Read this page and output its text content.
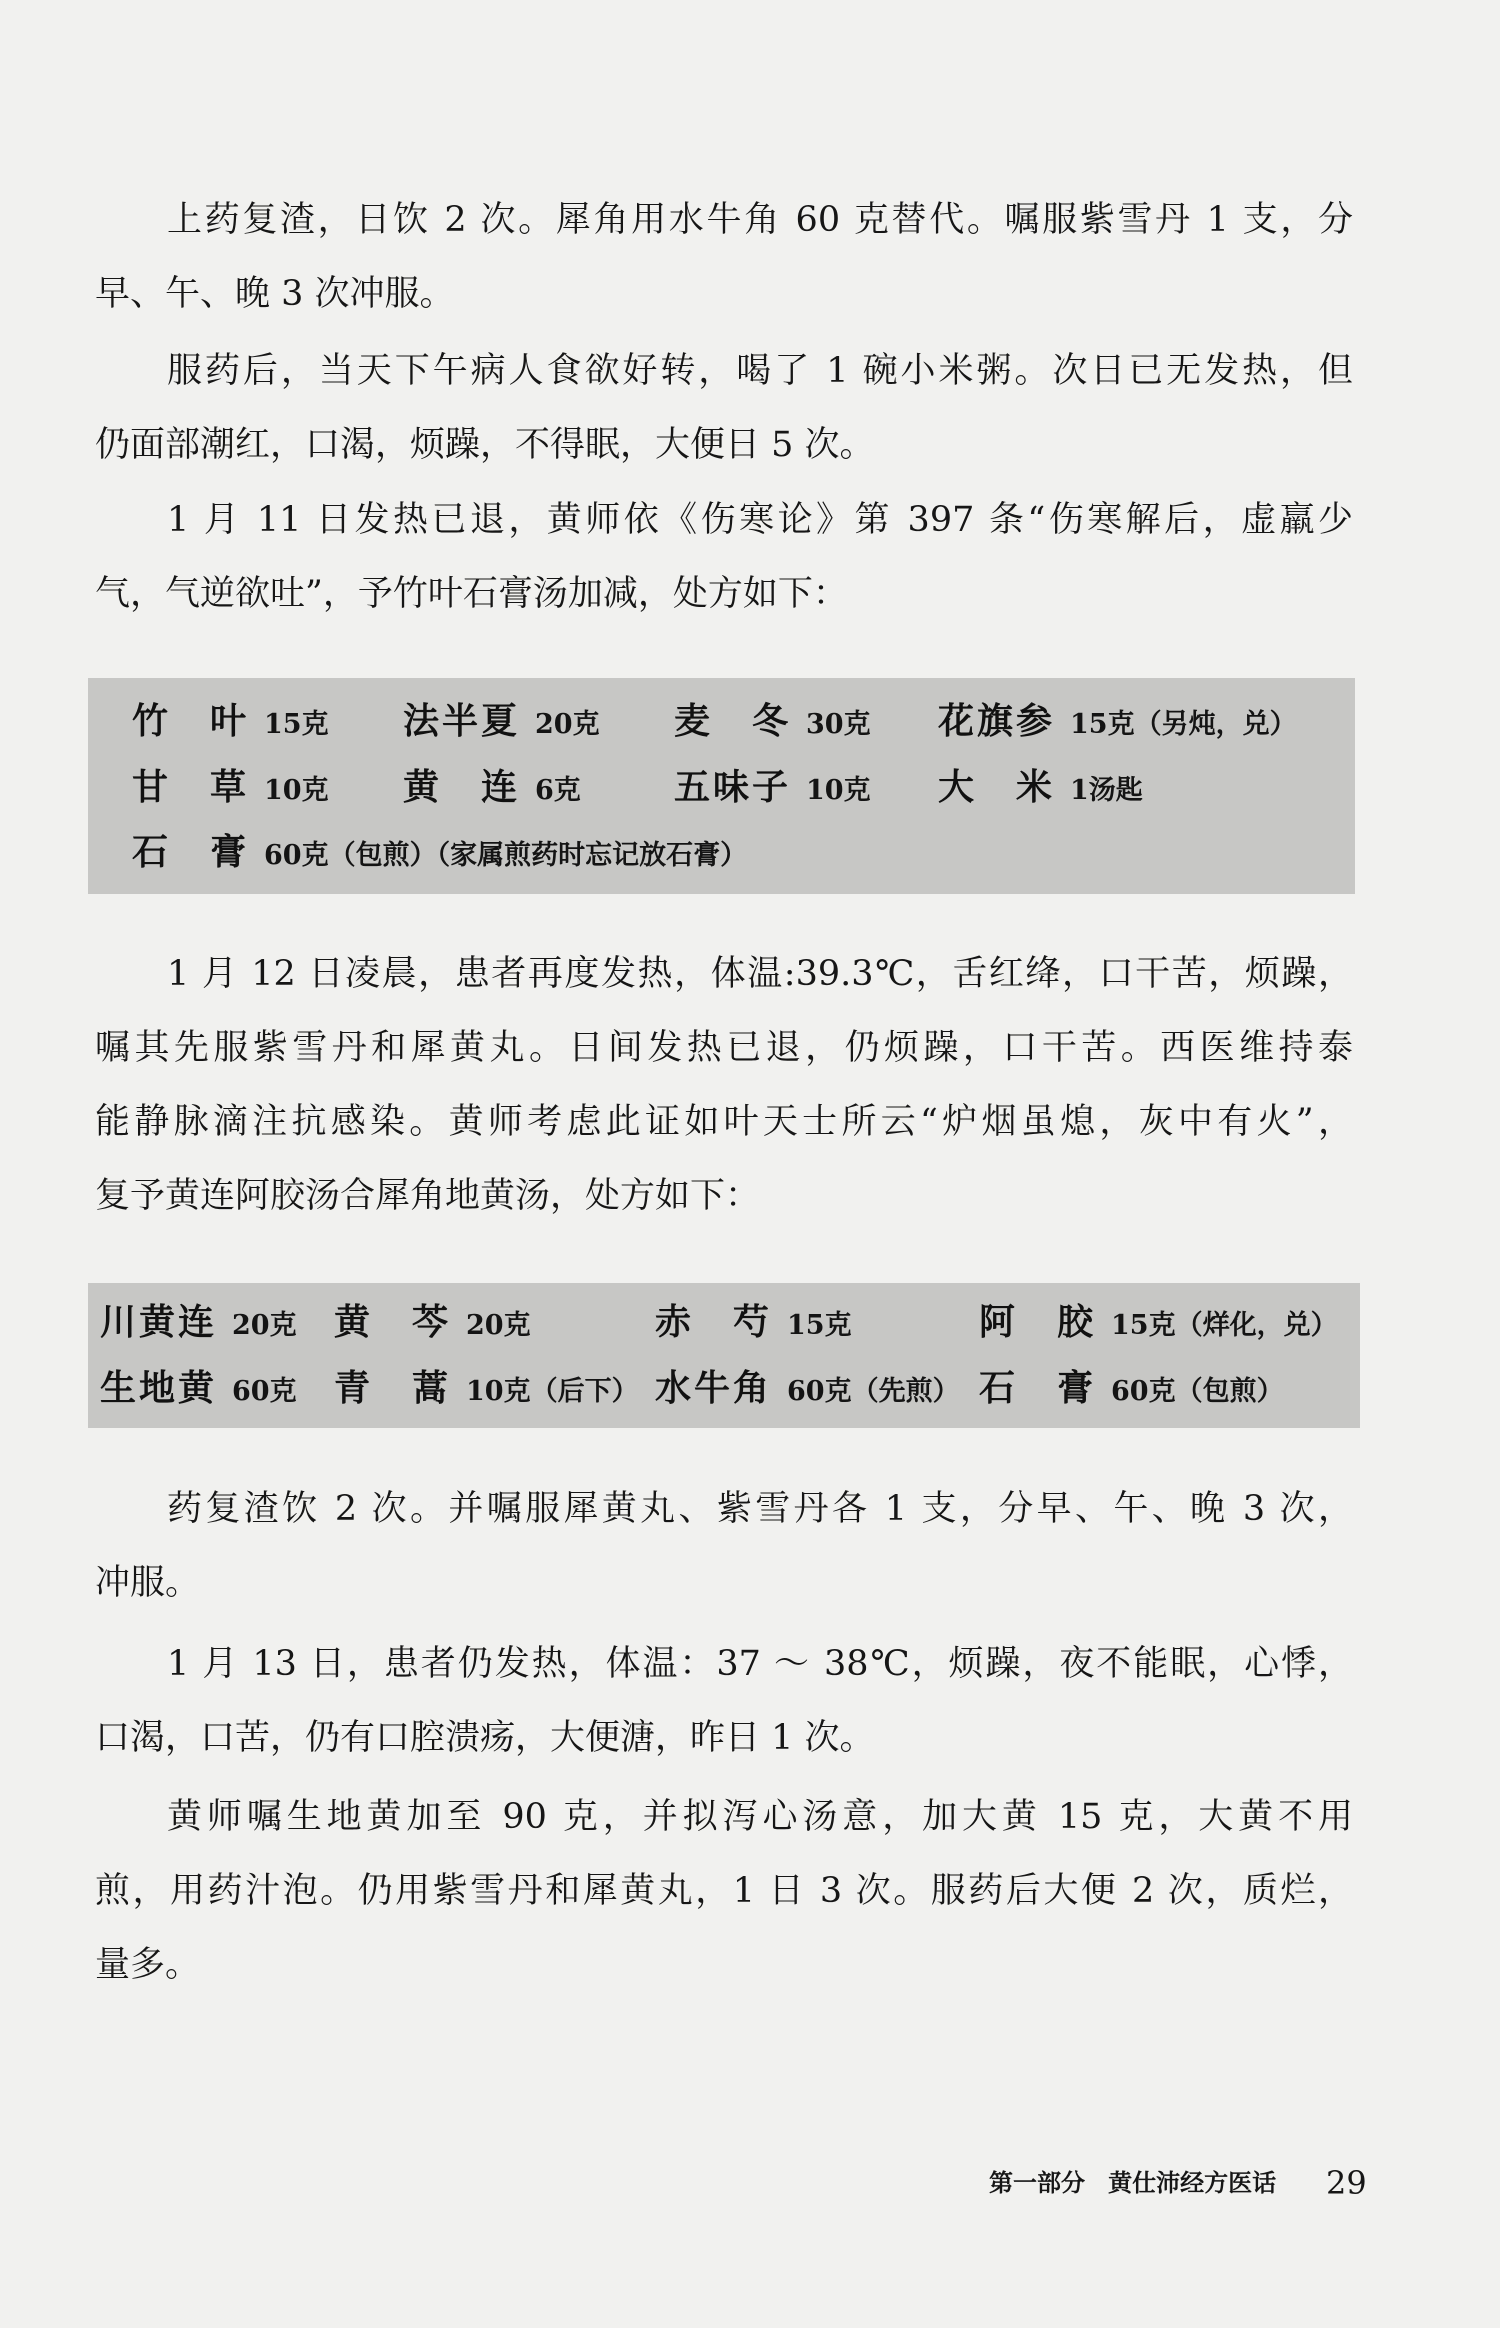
上药复渣，日饮 2 次。犀角用水牛角 60 克替代。嘱服紫雪丹 1 支，分
早、午、晚 3 次冲服。
服药后，当天下午病人食欲好转，喝了 1 碗小米粥。次日已无发热，但
仍面部潮红，口渴，烦躁，不得眠，大便日 5 次。
1 月 11 日发热已退，黄师依《伤寒论》第 397 条“伤寒解后，虚羸少
气，气逆欲吐”，予竹叶石膏汤加减，处方如下：
竹 叶 15克 法半夏 20克 麦 冬 30克 花旗参 15克（另炖，兑）
甘 草 10克 黄 连 6克	五味子 10克 大 米 1汤匙
石 膏 60克（包煎）（家属煎药时忘记放石膏）
1 月 12 日凌晨，患者再度发热，体温:39.3℃，舌红绛，口干苦，烦躁，
嘱其先服紫雪丹和犀黄丸。日间发热已退，仍烦躁，口干苦。西医维持泰
能静脉滴注抗感染。黄师考虑此证如叶天士所云“炉烟虽熄，灰中有火”，
复予黄连阿胶汤合犀角地黄汤，处方如下：
川黄连 20克 黄 芩 20克	赤 芍 15克	阿 胶 15克（烊化，兑）
生地黄 60克 青 蒿 10克（后下） 水牛角 60克（先煎） 石 膏 60克（包煎）
药复渣饮 2 次。并嘱服犀黄丸、紫雪丹各 1 支，分早、午、晚 3 次，
冲服。
1 月 13 日，患者仍发热，体温：37 ～ 38℃，烦躁，夜不能眠，心悸，
口渴，口苦，仍有口腔溃疡，大便溏，昨日 1 次。
黄师嘱生地黄加至 90 克，并拟泻心汤意，加大黄 15 克，大黄不用
煎，用药汁泡。仍用紫雪丹和犀黄丸，1 日 3 次。服药后大便 2 次，质烂，
量多。
第一部分 黄仕沛经方医话 29
